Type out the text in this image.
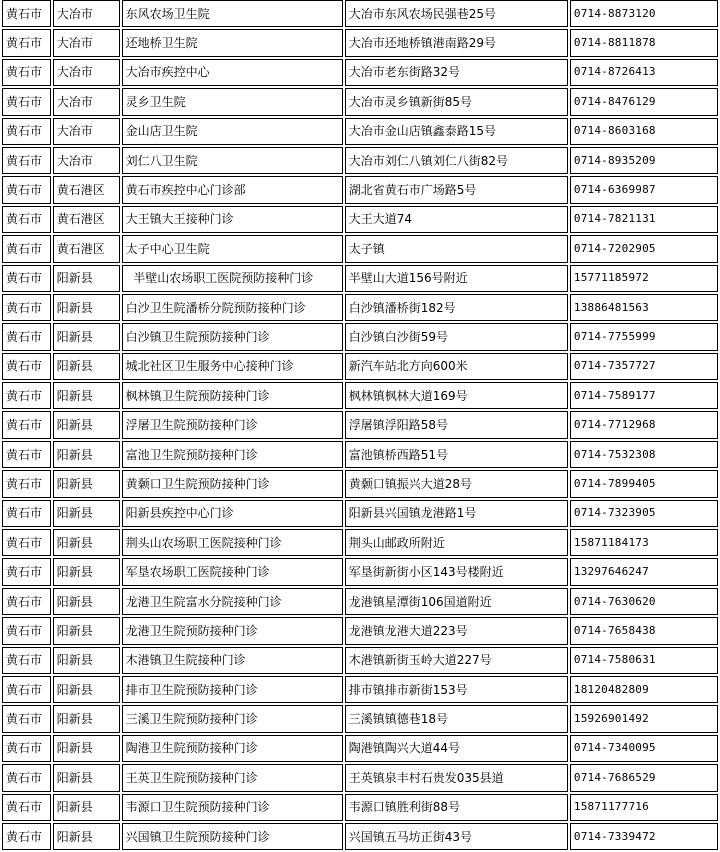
黄石市	大冶市	东风农场卫生院	大冶市东风农场民强巷25号	0714-8873120
黄石市	大冶市	还地桥卫生院	大冶市还地桥镇港南路29号	0714-8811878
黄石市	大冶市	大冶市疾控中心	大冶市老东街路32号	0714-8726413
黄石市	大冶市	灵乡卫生院	大冶市灵乡镇新街85号	0714-8476129
黄石市	大冶市	金山店卫生院	大冶市金山店镇鑫泰路15号	0714-8603168
黄石市	大冶市	刘仁八卫生院	大冶市刘仁八镇刘仁八街82号	0714-8935209
黄石市	黄石港区	黄石市疾控中心门诊部	湖北省黄石市广场路5号	0714-6369987
黄石市	黄石港区	大王镇大王接种门诊	大王大道74	0714-7821131
黄石市	黄石港区	太子中心卫生院	太子镇	0714-7202905
黄石市	阳新县	半壁山农场职工医院预防接种门诊	半壁山大道156号附近	15771185972
黄石市	阳新县	白沙卫生院潘桥分院预防接种门诊	白沙镇潘桥街182号	13886481563
黄石市	阳新县	白沙镇卫生院预防接种门诊	白沙镇白沙街59号	0714-7755999
黄石市	阳新县	城北社区卫生服务中心接种门诊	新汽车站北方向600米	0714-7357727
黄石市	阳新县	枫林镇卫生院预防接种门诊	枫林镇枫林大道169号	0714-7589177
黄石市	阳新县	浮屠卫生院预防接种门诊	浮屠镇浮阳路58号	0714-7712968
黄石市	阳新县	富池卫生院预防接种门诊	富池镇桥西路51号	0714-7532308
黄石市	阳新县	黄颡口卫生院预防接种门诊	黄颡口镇振兴大道28号	0714-7899405
黄石市	阳新县	阳新县疾控中心门诊	阳新县兴国镇龙港路1号	0714-7323905
黄石市	阳新县	荆头山农场职工医院接种门诊	荆头山邮政所附近	15871184173
黄石市	阳新县	军垦农场职工医院接种门诊	军垦街新街小区143号楼附近	13297646247
黄石市	阳新县	龙港卫生院富水分院接种门诊	龙港镇星潭街106国道附近	0714-7630620
黄石市	阳新县	龙港卫生院预防接种门诊	龙港镇龙港大道223号	0714-7658438
黄石市	阳新县	木港镇卫生院接种门诊	木港镇新街玉岭大道227号	0714-7580631
黄石市	阳新县	排市卫生院预防接种门诊	排市镇排市新街153号	18120482809
黄石市	阳新县	三溪卫生院预防接种门诊	三溪镇镇德巷18号	15926901492
黄石市	阳新县	陶港卫生院预防接种门诊	陶港镇陶兴大道44号	0714-7340095
黄石市	阳新县	王英卫生院预防接种门诊	王英镇泉丰村石贵发035县道	0714-7686529
黄石市	阳新县	韦源口卫生院预防接种门诊	韦源口镇胜利街88号	15871177716
黄石市	阳新县	兴国镇卫生院预防接种门诊	兴国镇五马坊正街43号	0714-7339472
